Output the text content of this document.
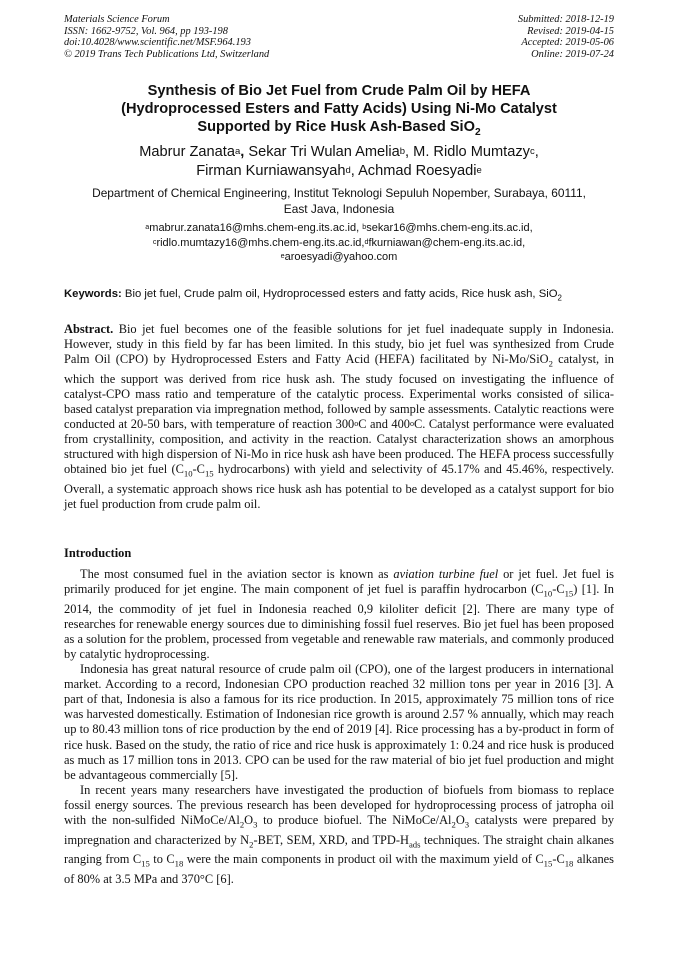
Materials Science Forum
ISSN: 1662-9752, Vol. 964, pp 193-198
doi:10.4028/www.scientific.net/MSF.964.193
© 2019 Trans Tech Publications Ltd, Switzerland
Submitted: 2018-12-19
Revised: 2019-04-15
Accepted: 2019-05-06
Online: 2019-07-24
Synthesis of Bio Jet Fuel from Crude Palm Oil by HEFA
(Hydroprocessed Esters and Fatty Acids) Using Ni-Mo Catalyst
Supported by Rice Husk Ash-Based SiO$_2$
Mabrur Zanata$^a$, Sekar Tri Wulan Amelia$^b$, M. Ridlo Mumtazy$^c$,
Firman Kurniawansyah$^d$, Achmad Roesyadi$^e$
Department of Chemical Engineering, Institut Teknologi Sepuluh Nopember, Surabaya, 60111,
East Java, Indonesia
$^a$mabrur.zanata16@mhs.chem-eng.its.ac.id, $^b$sekar16@mhs.chem-eng.its.ac.id,
$^c$ridlo.mumtazy16@mhs.chem-eng.its.ac.id,$^d$fkurniawan@chem-eng.its.ac.id,
$^e$aroesyadi@yahoo.com
Keywords: Bio jet fuel, Crude palm oil, Hydroprocessed esters and fatty acids, Rice husk ash, SiO$_2$
Abstract. Bio jet fuel becomes one of the feasible solutions for jet fuel inadequate supply in Indonesia. However, study in this field by far has been limited. In this study, bio jet fuel was synthesized from Crude Palm Oil (CPO) by Hydroprocessed Esters and Fatty Acid (HEFA) facilitated by Ni-Mo/SiO$_2$ catalyst, in which the support was derived from rice husk ash. The study focused on investigating the influence of catalyst-CPO mass ratio and temperature of the catalytic process. Experimental works consisted of silica-based catalyst preparation via impregnation method, followed by sample assessments. Catalytic reactions were conducted at 20-50 bars, with temperature of reaction 300$^o$C and 400$^o$C. Catalyst performance were evaluated from crystallinity, composition, and activity in the reaction. Catalyst characterization shows an amorphous structured with high dispersion of Ni-Mo in rice husk ash have been produced. The HEFA process successfully obtained bio jet fuel ($C_{10}-C_{15}$ hydrocarbons) with yield and selectivity of 45.17% and 45.46%, respectively. Overall, a systematic approach shows rice husk ash has potential to be developed as a catalyst support for bio jet fuel production from crude palm oil.
Introduction

The most consumed fuel in the aviation sector is known as aviation turbine fuel or jet fuel. Jet fuel is primarily produced for jet engine. The main component of jet fuel is paraffin hydrocarbon $(C_{10}-C_{15})$ [1]. In 2014, the commodity of jet fuel in Indonesia reached 0,9 kiloliter deficit [2]. There are many type of researches for renewable energy sources due to diminishing fossil fuel reserves. Bio jet fuel has been proposed as a solution for the problem, processed from vegetable and renewable raw materials, and commonly produced by catalytic hydroprocessing.

Indonesia has great natural resource of crude palm oil (CPO), one of the largest producers in international market. According to a record, Indonesian CPO production reached 32 million tons per year in 2016 [3]. A part of that, Indonesia is also a famous for its rice production. In 2015, approximately 75 million tons of rice was harvested domestically. Estimation of Indonesian rice growth is around 2.57 % annually, which may reach up to 80.43 million tons of rice production by the end of 2019 [4]. Rice processing has a by-product in form of rice husk. Based on the study, the ratio of rice and rice husk is approximately 1: 0.24 and rice husk is produced as much as 17 million tons in 2013. CPO can be used for the raw material of bio jet fuel production and might be advantageous commercially [5].

In recent years many researchers have investigated the production of biofuels from biomass to replace fossil energy sources. The previous research has been developed for hydroprocessing process of jatropha oil with the non-sulfided NiMoCe/$Al_2O_3$ to produce biofuel. The NiMoCe/$Al_2O_3$ catalysts were prepared by impregnation and characterized by $N_2$-BET, SEM, XRD, and TPD-$H_{ads}$ techniques. The straight chain alkanes ranging from $C_{15}$ to $C_{18}$ were the main components in product oil with the maximum yield of $C_{15}-C_{18}$ alkanes of 80% at 3.5 MPa and 370°C [6].
